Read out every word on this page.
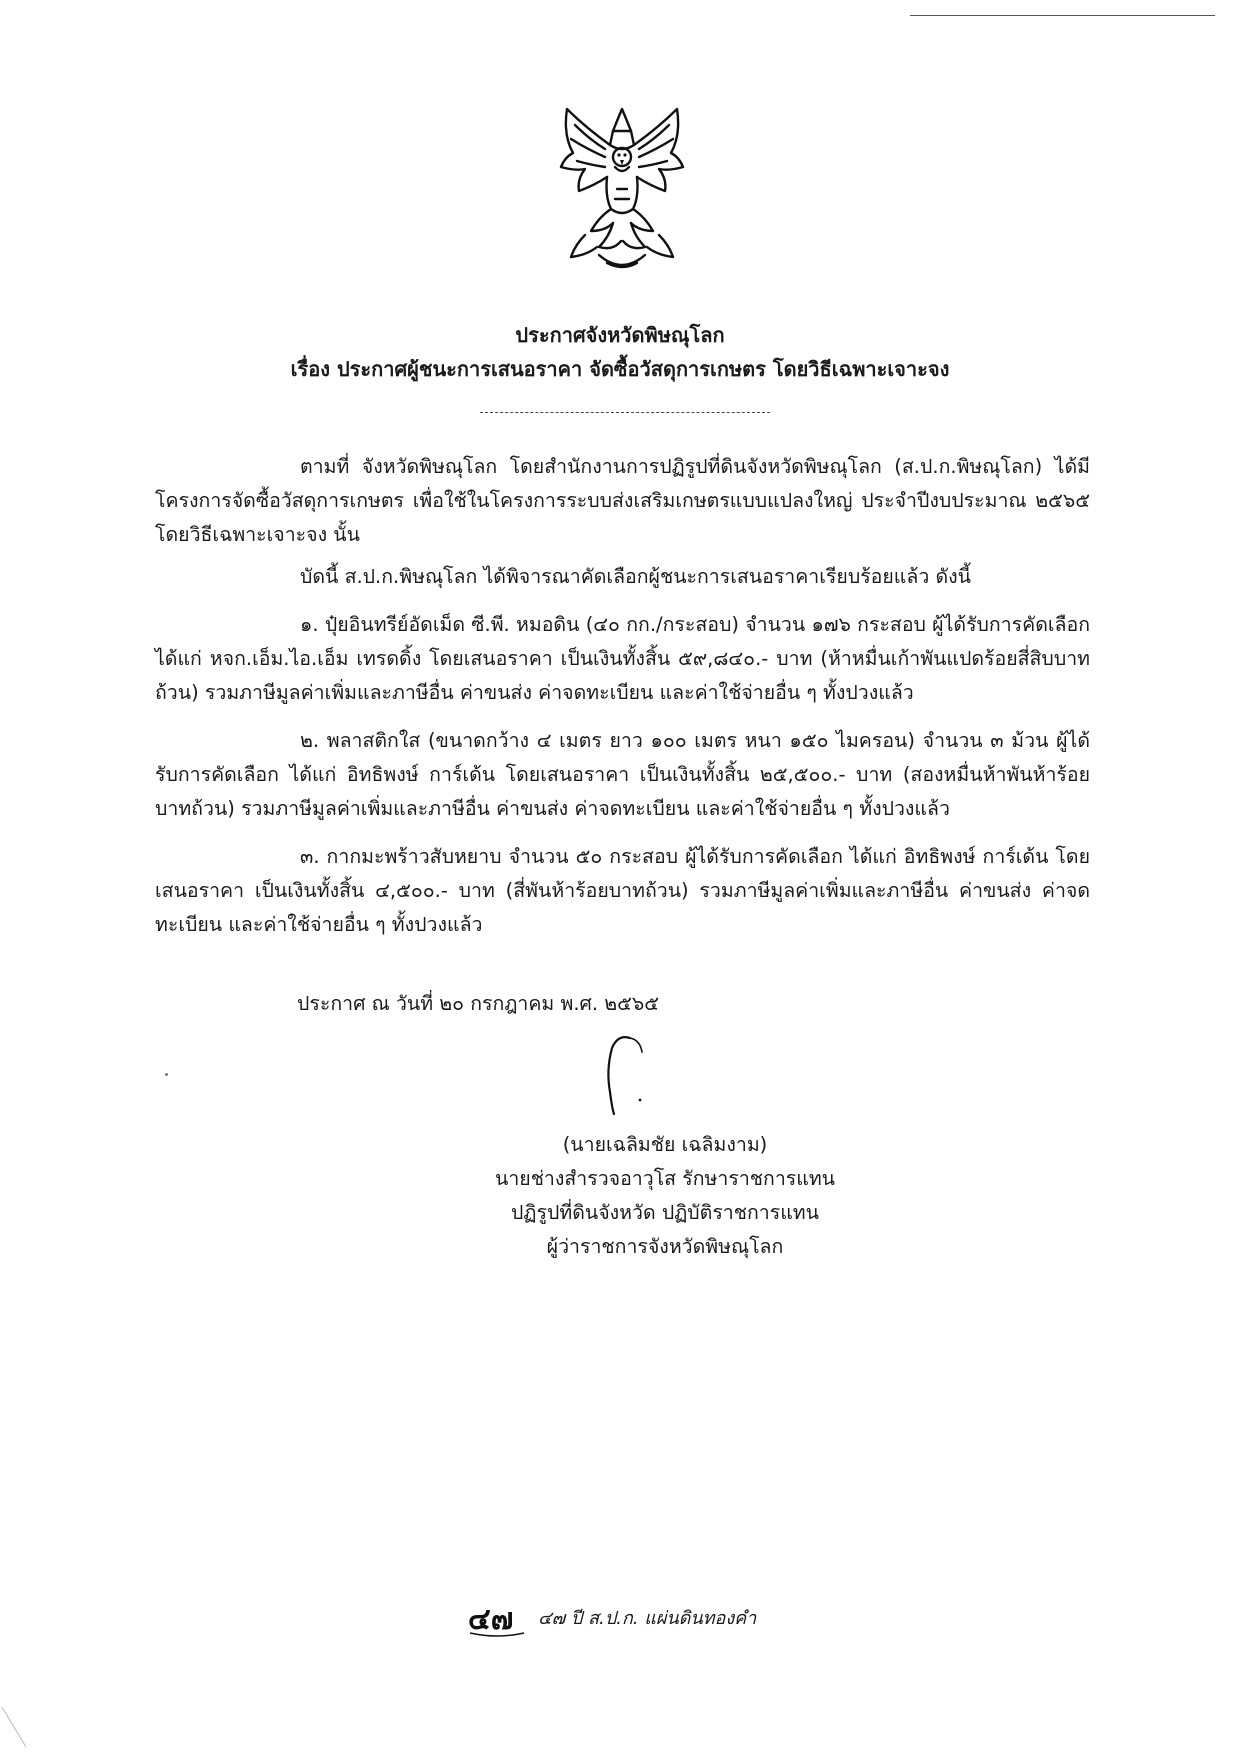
ประกาศจังหวัดพิษณุโลก
เรื่อง ประกาศผู้ชนะการเสนอราคา จัดซื้อวัสดุการเกษตร โดยวิธีเฉพาะเจาะจง

ตามที่ จังหวัดพิษณุโลก โดยสำนักงานการปฏิรูปที่ดินจังหวัดพิษณุโลก (ส.ป.ก.พิษณุโลก) ได้มีโครงการจัดซื้อวัสดุการเกษตร เพื่อใช้ในโครงการระบบส่งเสริมเกษตรแบบแปลงใหญ่ ประจำปีงบประมาณ ๒๕๖๕ โดยวิธีเฉพาะเจาะจง นั้น

บัดนี้ ส.ป.ก.พิษณุโลก ได้พิจารณาคัดเลือกผู้ชนะการเสนอราคาเรียบร้อยแล้ว ดังนี้

๑. ปุ๋ยอินทรีย์อัดเม็ด ซี.พี. หมอดิน (๔๐ กก./กระสอบ) จำนวน ๑๗๖ กระสอบ ผู้ได้รับการคัดเลือก ได้แก่ หจก.เอ็ม.ไอ.เอ็ม เทรดดิ้ง โดยเสนอราคา เป็นเงินทั้งสิ้น ๕๙,๘๔๐.- บาท (ห้าหมื่นเก้าพันแปดร้อยสี่สิบบาทถ้วน) รวมภาษีมูลค่าเพิ่มและภาษีอื่น ค่าขนส่ง ค่าจดทะเบียน และค่าใช้จ่ายอื่น ๆ ทั้งปวงแล้ว

๒. พลาสติกใส (ขนาดกว้าง ๔ เมตร ยาว ๑๐๐ เมตร หนา ๑๕๐ ไมครอน) จำนวน ๓ ม้วน ผู้ได้รับการคัดเลือก ได้แก่ อิทธิพงษ์ การ์เด้น โดยเสนอราคา เป็นเงินทั้งสิ้น ๒๕,๕๐๐.- บาท (สองหมื่นห้าพันห้าร้อยบาทถ้วน) รวมภาษีมูลค่าเพิ่มและภาษีอื่น ค่าขนส่ง ค่าจดทะเบียน และค่าใช้จ่ายอื่น ๆ ทั้งปวงแล้ว

๓. กากมะพร้าวสับหยาบ จำนวน ๕๐ กระสอบ ผู้ได้รับการคัดเลือก ได้แก่ อิทธิพงษ์ การ์เด้น โดยเสนอราคา เป็นเงินทั้งสิ้น ๔,๕๐๐.- บาท (สี่พันห้าร้อยบาทถ้วน) รวมภาษีมูลค่าเพิ่มและภาษีอื่น ค่าขนส่ง ค่าจดทะเบียน และค่าใช้จ่ายอื่น ๆ ทั้งปวงแล้ว

ประกาศ ณ วันที่ ๒๐ กรกฎาคม พ.ศ. ๒๕๖๕
(นายเฉลิมชัย เฉลิมงาม)
นายช่างสำรวจอาวุโส รักษาราชการแทน
ปฏิรูปที่ดินจังหวัด ปฏิบัติราชการแทน
ผู้ว่าราชการจังหวัดพิษณุโลก
๔๗ ๔๗ ปี ส.ป.ก. แผ่นดินทองคำ
